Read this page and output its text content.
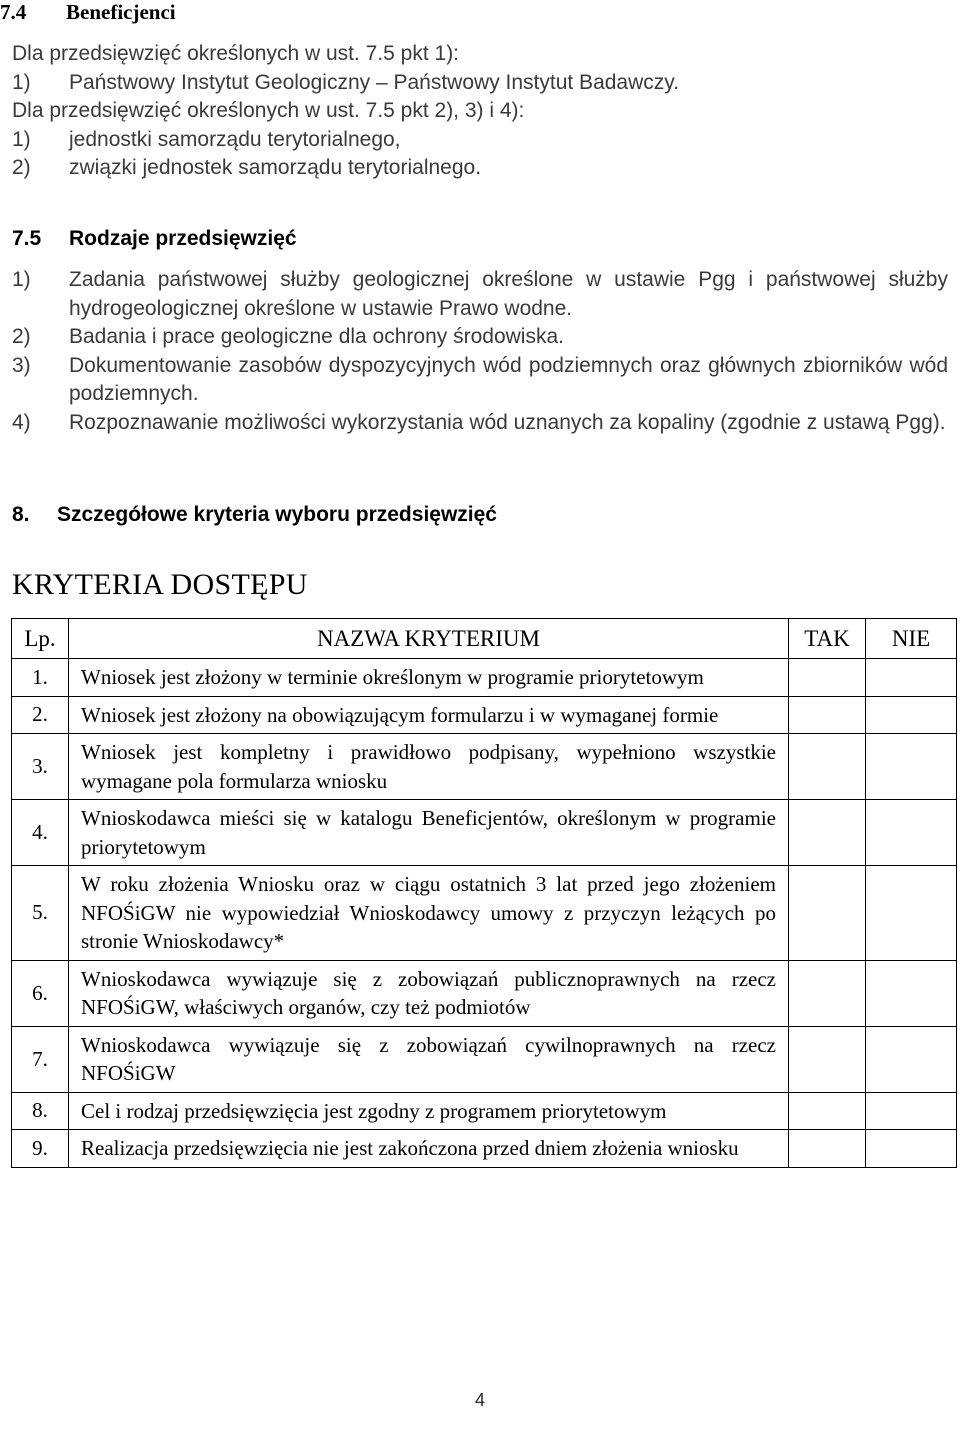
7.4 Beneficjenci
Dla przedsięwzięć określonych w ust. 7.5 pkt 1):
1) Państwowy Instytut Geologiczny – Państwowy Instytut Badawczy.
Dla przedsięwzięć określonych w ust. 7.5 pkt 2), 3) i 4):
1) jednostki samorządu terytorialnego,
2) związki jednostek samorządu terytorialnego.
7.5 Rodzaje przedsięwzięć
1)	Zadania państwowej służby geologicznej określone w ustawie Pgg i państwowej służby hydrogeologicznej określone w ustawie Prawo wodne.
2)	Badania i prace geologiczne dla ochrony środowiska.
3)	Dokumentowanie zasobów dyspozycyjnych wód podziemnych oraz głównych zbiorników wód podziemnych.
4)	Rozpoznawanie możliwości wykorzystania wód uznanych za kopaliny (zgodnie z ustawą Pgg).
8. Szczegółowe kryteria wyboru przedsięwzięć
KRYTERIA DOSTĘPU
Lp.	NAZWA KRYTERIUM	TAK	NIE
1.	Wniosek jest złożony w terminie określonym w programie priorytetowym		
2.	Wniosek jest złożony na obowiązującym formularzu i w wymaganej formie		
3.	Wniosek jest kompletny i prawidłowo podpisany, wypełniono wszystkie wymagane pola formularza wniosku		
4.	Wnioskodawca mieści się w katalogu Beneficjentów, określonym w programie priorytetowym		
5.	W roku złożenia Wniosku oraz w ciągu ostatnich 3 lat przed jego złożeniem NFOŚiGW nie wypowiedział Wnioskodawcy umowy z przyczyn leżących po stronie Wnioskodawcy*		
6.	Wnioskodawca wywiązuje się z zobowiązań publicznoprawnych na rzecz NFOŚiGW, właściwych organów, czy też podmiotów		
7.	Wnioskodawca wywiązuje się z zobowiązań cywilnoprawnych na rzecz NFOŚiGW		
8.	Cel i rodzaj przedsięwzięcia jest zgodny z programem priorytetowym		
9.	Realizacja przedsięwzięcia nie jest zakończona przed dniem złożenia wniosku		
4
